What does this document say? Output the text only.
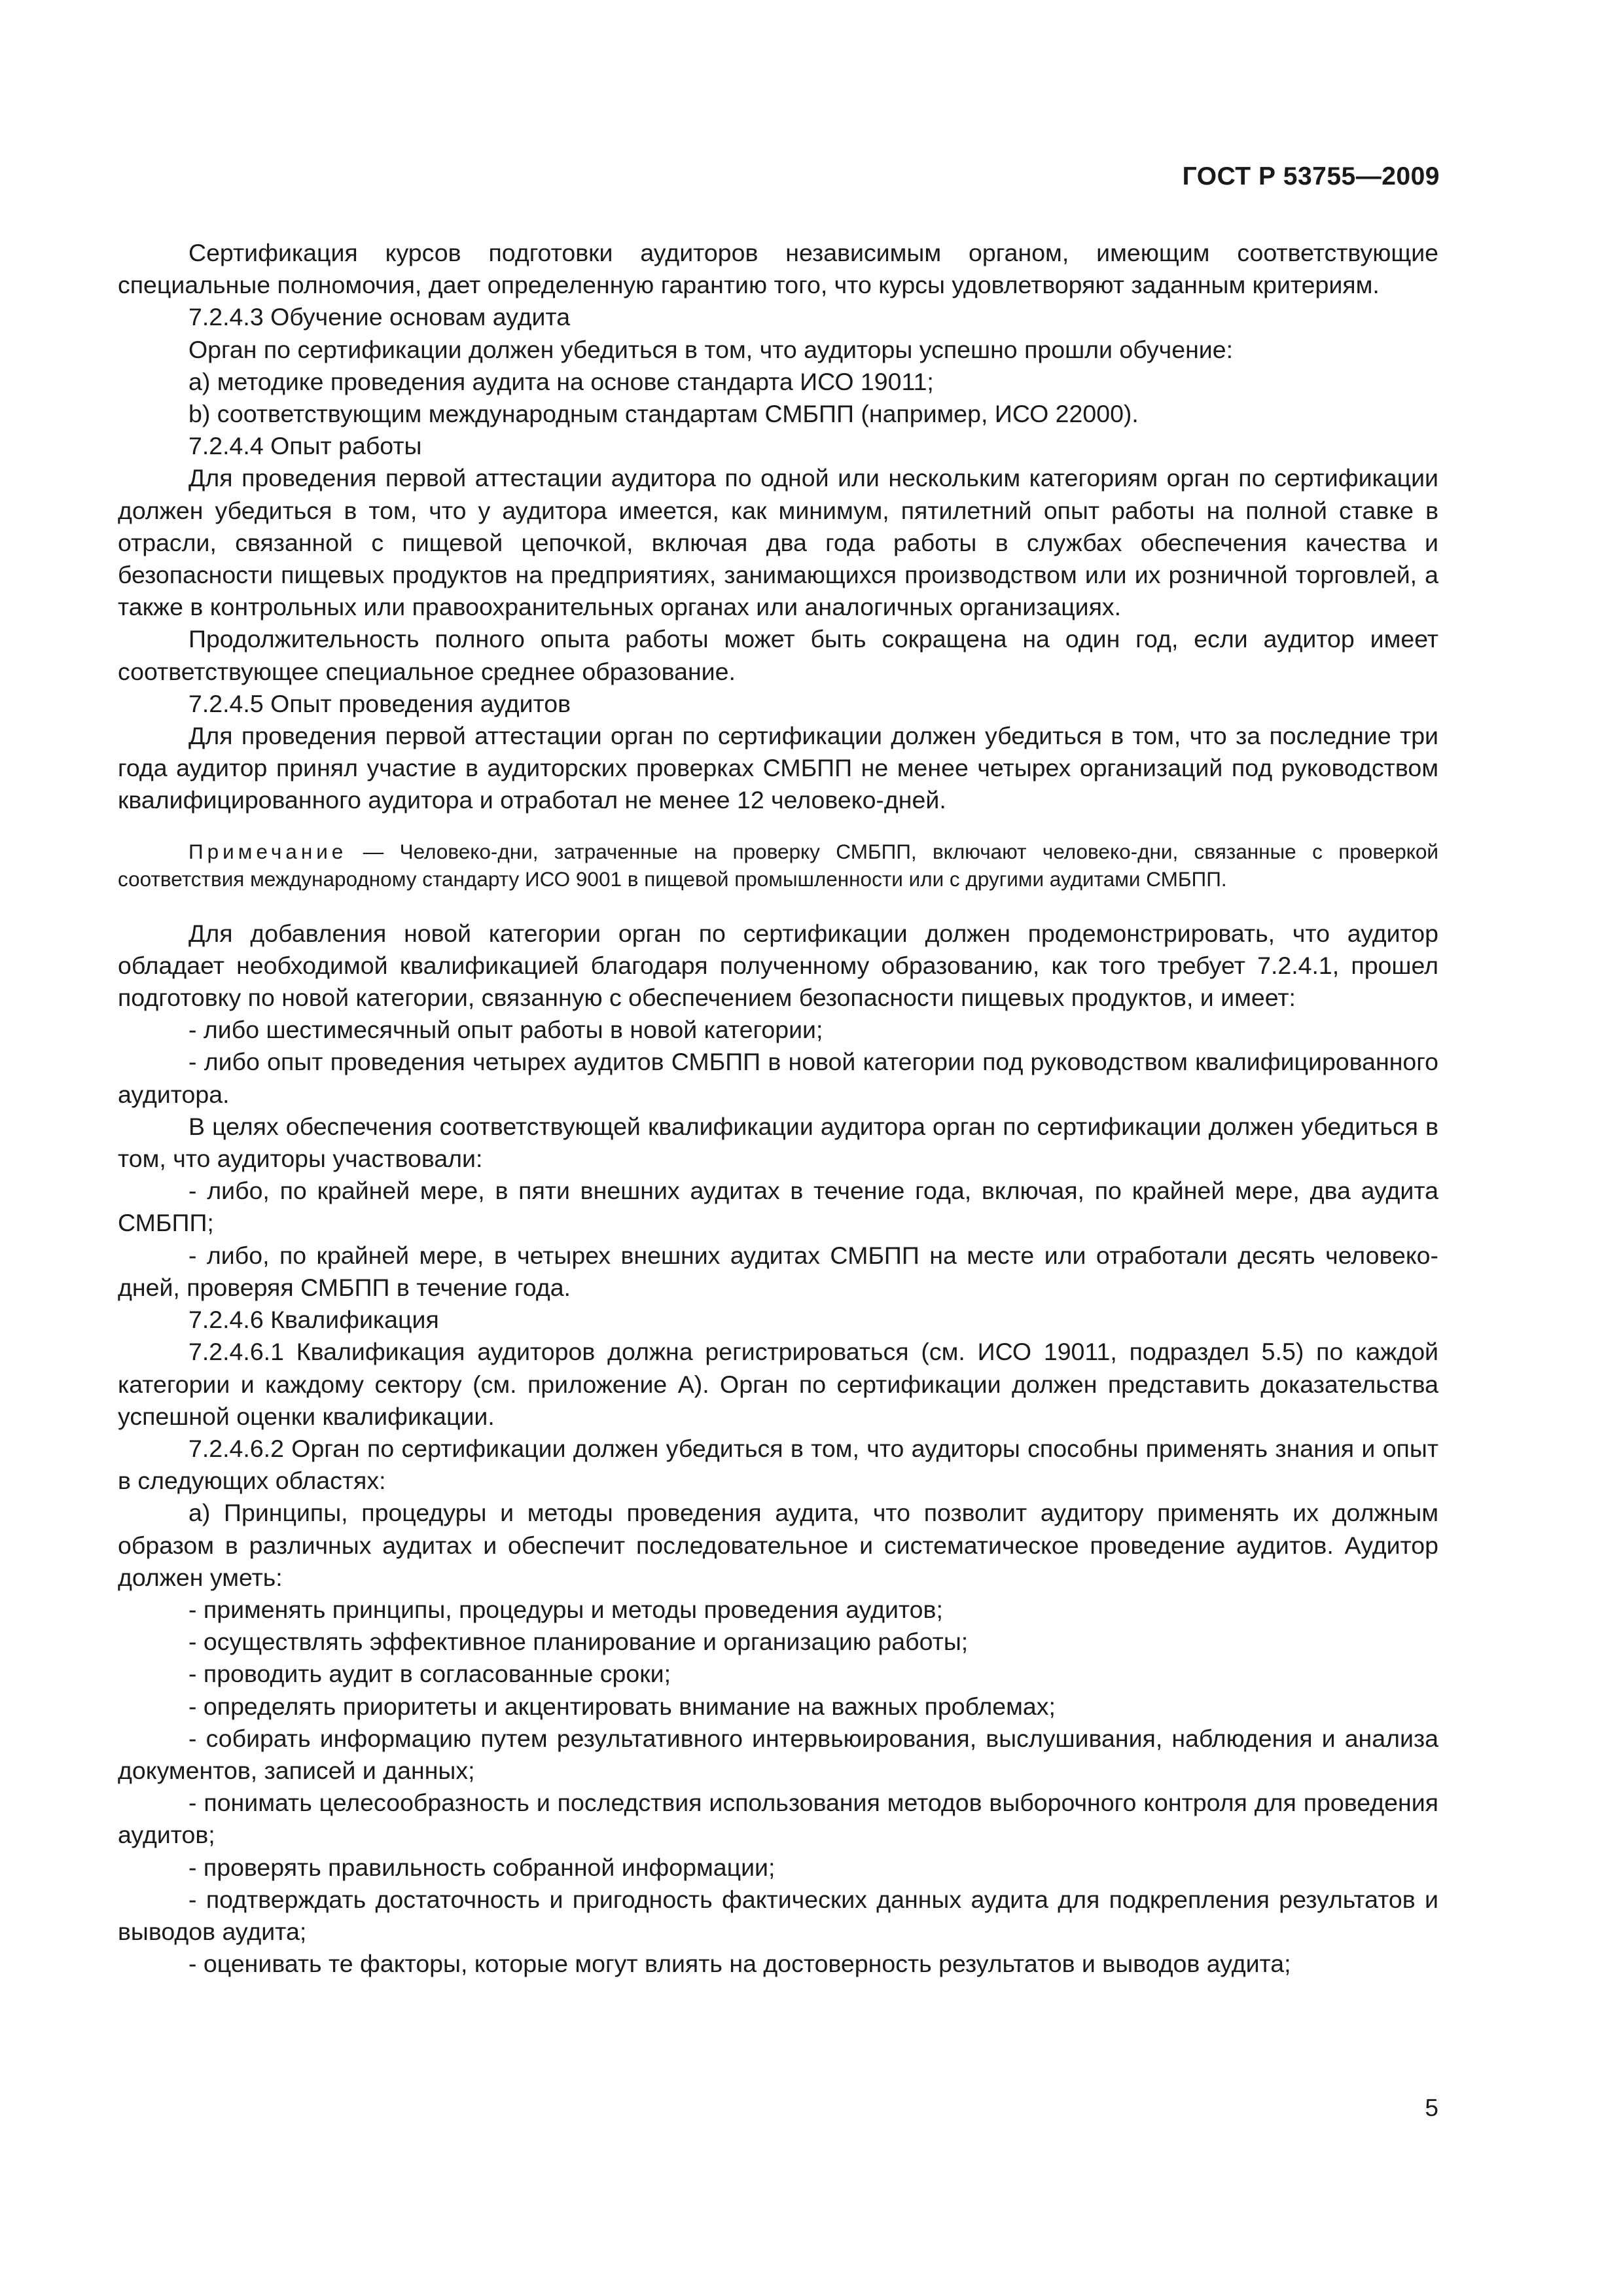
ГОСТ Р 53755—2009

Сертификация курсов подготовки аудиторов независимым органом, имеющим соответствующие специальные полномочия, дает определенную гарантию того, что курсы удовлетворяют заданным критериям.

7.2.4.3 Обучение основам аудита

Орган по сертификации должен убедиться в том, что аудиторы успешно прошли обучение:

а) методике проведения аудита на основе стандарта ИСО 19011;

b) соответствующим международным стандартам СМБПП (например, ИСО 22000).

7.2.4.4 Опыт работы

Для проведения первой аттестации аудитора по одной или нескольким категориям орган по сертификации должен убедиться в том, что у аудитора имеется, как минимум, пятилетний опыт работы на полной ставке в отрасли, связанной с пищевой цепочкой, включая два года работы в службах обеспечения качества и безопасности пищевых продуктов на предприятиях, занимающихся производством или их розничной торговлей, а также в контрольных или правоохранительных органах или аналогичных организациях.

Продолжительность полного опыта работы может быть сокращена на один год, если аудитор имеет соответствующее специальное среднее образование.

7.2.4.5 Опыт проведения аудитов

Для проведения первой аттестации орган по сертификации должен убедиться в том, что за последние три года аудитор принял участие в аудиторских проверках СМБПП не менее четырех организаций под руководством квалифицированного аудитора и отработал не менее 12 человеко-дней.

Примечание — Человеко-дни, затраченные на проверку СМБПП, включают человеко-дни, связанные с проверкой соответствия международному стандарту ИСО 9001 в пищевой промышленности или с другими аудитами СМБПП.

Для добавления новой категории орган по сертификации должен продемонстрировать, что аудитор обладает необходимой квалификацией благодаря полученному образованию, как того требует 7.2.4.1, прошел подготовку по новой категории, связанную с обеспечением безопасности пищевых продуктов, и имеет:

- либо шестимесячный опыт работы в новой категории;

- либо опыт проведения четырех аудитов СМБПП в новой категории под руководством квалифицированного аудитора.

В целях обеспечения соответствующей квалификации аудитора орган по сертификации должен убедиться в том, что аудиторы участвовали:

- либо, по крайней мере, в пяти внешних аудитах в течение года, включая, по крайней мере, два аудита СМБПП;

- либо, по крайней мере, в четырех внешних аудитах СМБПП на месте или отработали десять человеко-дней, проверяя СМБПП в течение года.

7.2.4.6 Квалификация

7.2.4.6.1 Квалификация аудиторов должна регистрироваться (см. ИСО 19011, подраздел 5.5) по каждой категории и каждому сектору (см. приложение А). Орган по сертификации должен представить доказательства успешной оценки квалификации.

7.2.4.6.2 Орган по сертификации должен убедиться в том, что аудиторы способны применять знания и опыт в следующих областях:

а) Принципы, процедуры и методы проведения аудита, что позволит аудитору применять их должным образом в различных аудитах и обеспечит последовательное и систематическое проведение аудитов. Аудитор должен уметь:

- применять принципы, процедуры и методы проведения аудитов;

- осуществлять эффективное планирование и организацию работы;

- проводить аудит в согласованные сроки;

- определять приоритеты и акцентировать внимание на важных проблемах;

- собирать информацию путем результативного интервьюирования, выслушивания, наблюдения и анализа документов, записей и данных;

- понимать целесообразность и последствия использования методов выборочного контроля для проведения аудитов;

- проверять правильность собранной информации;

- подтверждать достаточность и пригодность фактических данных аудита для подкрепления результатов и выводов аудита;

- оценивать те факторы, которые могут влиять на достоверность результатов и выводов аудита;

5
